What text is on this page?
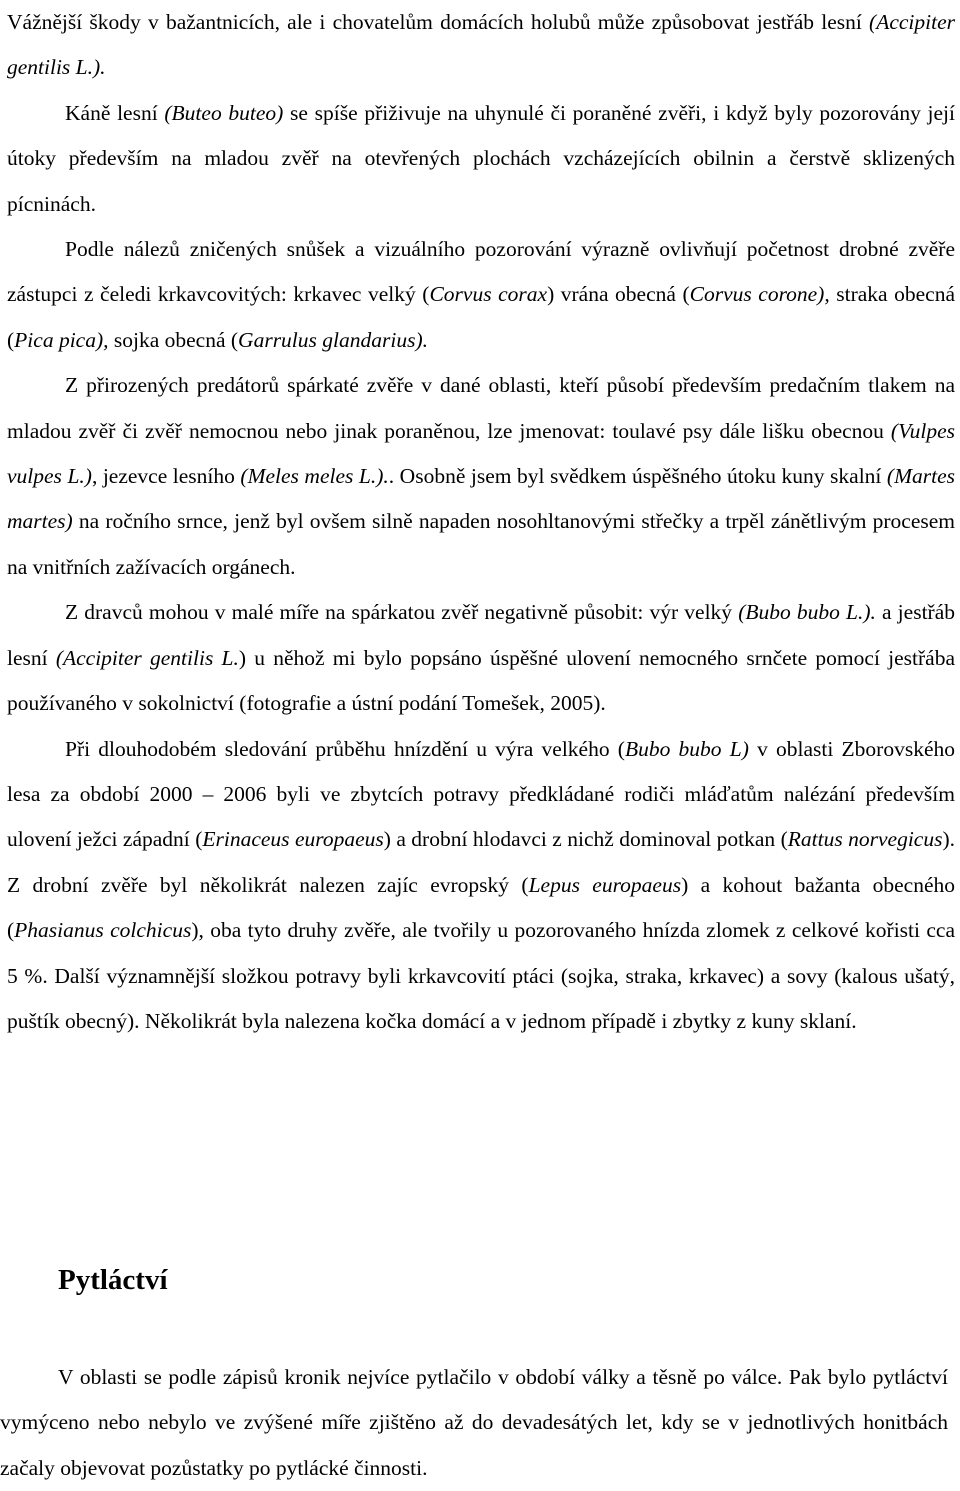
Vážnější škody v bažantnicích, ale i chovatelům domácích holubů může způsobovat jestřáb lesní (Accipiter gentilis L.).

Káně lesní (Buteo buteo) se spíše přiživuje na uhynulé či poraněné zvěři, i když byly pozorovány její útoky především na mladou zvěř na otevřených plochách vzcházejících obilnin a čerstvě sklizených pícninách.

Podle nálezů zničených snůšek a vizuálního pozorování výrazně ovlivňují početnost drobné zvěře zástupci z čeledi krkavcovitých: krkavec velký (Corvus corax) vrána obecná (Corvus corone), straka obecná (Pica pica), sojka obecná (Garrulus glandarius).

Z přirozených predátorů spárkaté zvěře v dané oblasti, kteří působí především predačním tlakem na mladou zvěř či zvěř nemocnou nebo jinak poraněnou, lze jmenovat: toulavé psy dále lišku obecnou (Vulpes vulpes L.), jezevce lesního (Meles meles L.).. Osobně jsem byl svědkem úspěšného útoku kuny skalní (Martes martes) na ročního srnce, jenž byl ovšem silně napaden nosohltanovými střečky a trpěl zánětlivým procesem na vnitřních zažívacích orgánech.

Z dravců mohou v malé míře na spárkatou zvěř negativně působit: výr velký (Bubo bubo L.). a jestřáb lesní (Accipiter gentilis L.) u něhož mi bylo popsáno úspěšné ulovení nemocného srnčete pomocí jestřába používaného v sokolnictví (fotografie a ústní podání Tomešek, 2005).

Při dlouhodobém sledování průběhu hnízdění u výra velkého (Bubo bubo L) v oblasti Zborovského lesa za období 2000 – 2006 byli ve zbytcích potravy předkládané rodiči mláďatům nalézání především ulovení ježci západní (Erinaceus europaeus) a drobní hlodavci z nichž dominoval potkan (Rattus norvegicus). Z drobní zvěře byl několikrát nalezen zajíc evropský (Lepus europaeus) a kohout bažanta obecného (Phasianus colchicus), oba tyto druhy zvěře, ale tvořily u pozorovaného hnízda zlomek z celkové kořisti cca 5 %. Další významnější složkou potravy byli krkavcovití ptáci (sojka, straka, krkavec) a sovy (kalous ušatý, puštík obecný). Několikrát byla nalezena kočka domácí a v jednom případě i zbytky z kuny sklaní.

Pytláctví

V oblasti se podle zápisů kronik nejvíce pytlačilo v období války a těsně po válce. Pak bylo pytláctví vymýceno nebo nebylo ve zvýšené míře zjištěno až do devadesátých let, kdy se v jednotlivých honitbách začaly objevovat pozůstatky po pytlácké činnosti.
